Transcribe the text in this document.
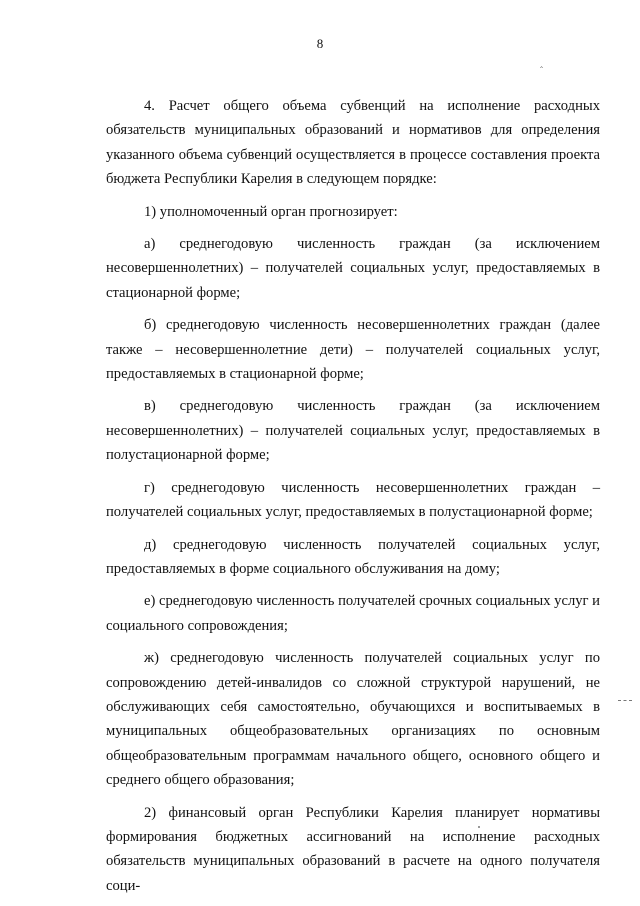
8
‸

4. Расчет общего объема субвенций на исполнение расходных обязательств муниципальных образований и нормативов для определения указанного объема субвенций осуществляется в процессе составления проекта бюджета Республики Карелия в следующем порядке:

1) уполномоченный орган прогнозирует:

а) среднегодовую численность граждан (за исключением несовершеннолетних) – получателей социальных услуг, предоставляемых в стационарной форме;

б) среднегодовую численность несовершеннолетних граждан (далее также – несовершеннолетние дети) – получателей социальных услуг, предоставляемых в стационарной форме;

в) среднегодовую численность граждан (за исключением несовершеннолетних) – получателей социальных услуг, предоставляемых в полустационарной форме;

г) среднегодовую численность несовершеннолетних граждан – получателей социальных услуг, предоставляемых в полустационарной форме;

д) среднегодовую численность получателей социальных услуг, предоставляемых в форме социального обслуживания на дому;

е) среднегодовую численность получателей срочных социальных услуг и социального сопровождения;

ж) среднегодовую численность получателей социальных услуг по сопровождению детей-инвалидов со сложной структурой нарушений, не обслуживающих себя самостоятельно, обучающихся и воспитываемых в муниципальных общеобразовательных организациях по основным общеобразовательным программам начального общего, основного общего и среднего общего образования;

2) финансовый орган Республики Карелия планирует нормативы формирования бюджетных ассигнований на исполнение расходных обязательств муниципальных образований в расчете на одного получателя соци-
